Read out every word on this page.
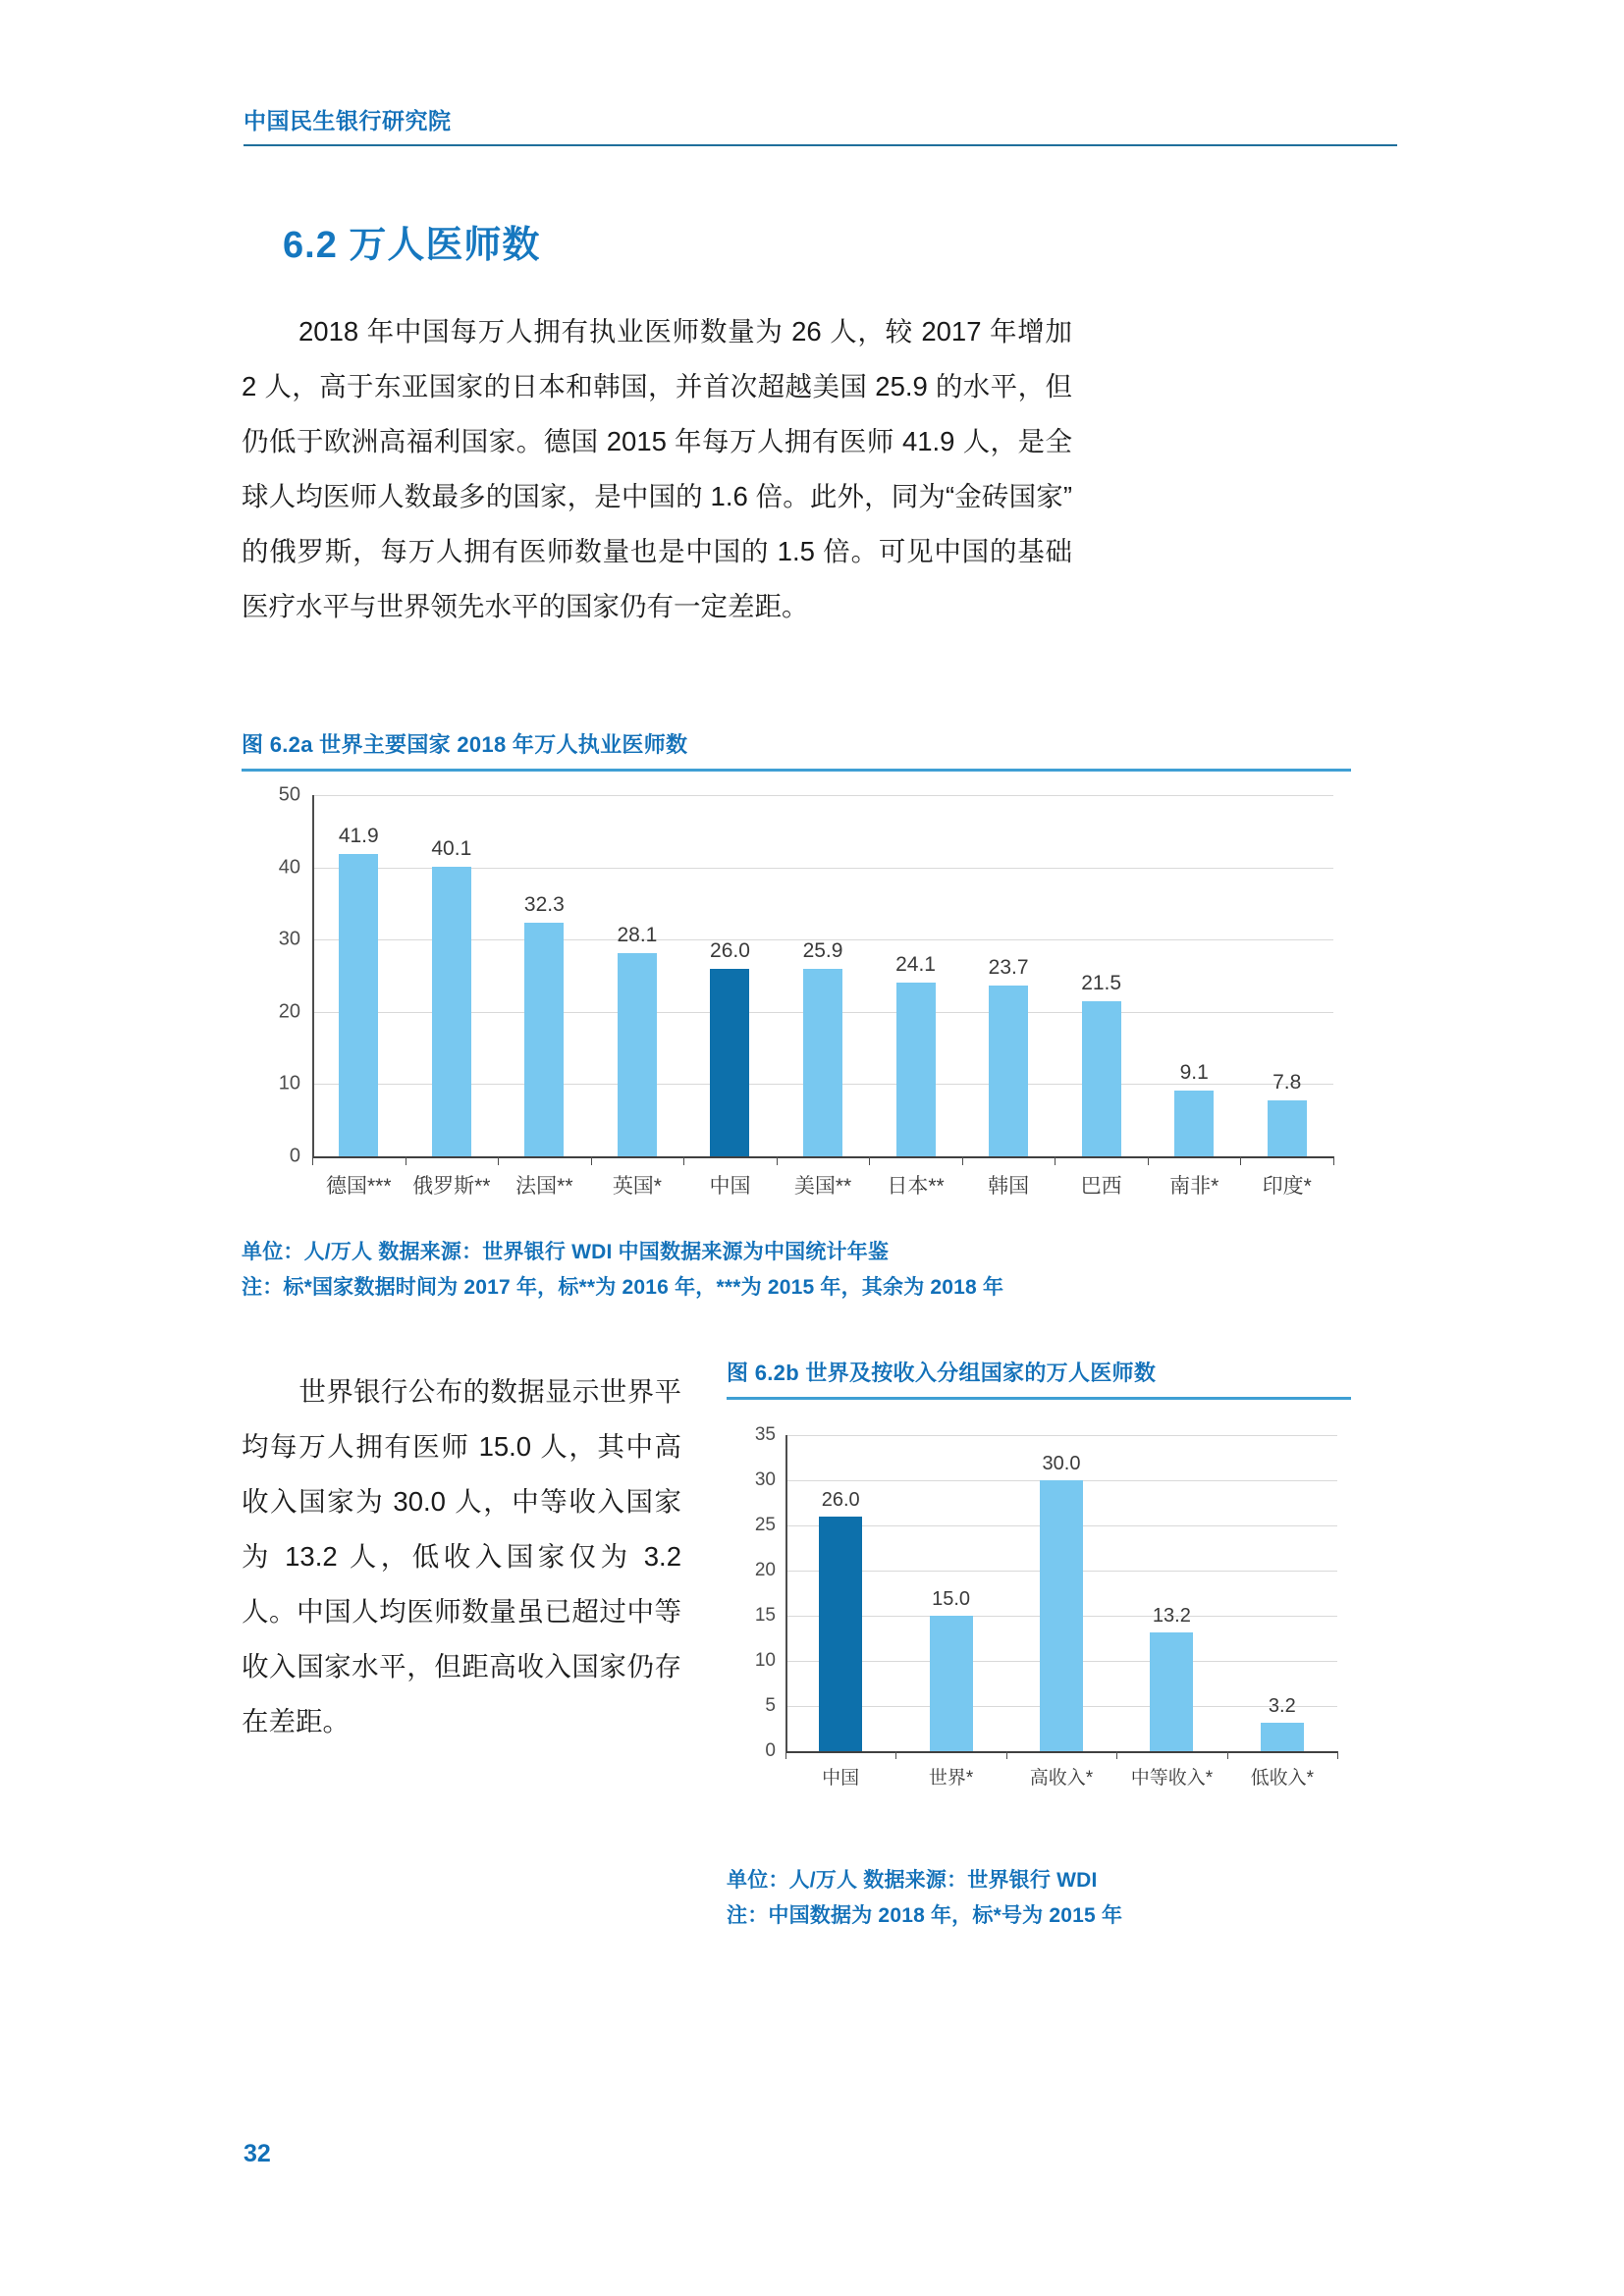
中国民生银行研究院
6.2 万人医师数
2018 年中国每万人拥有执业医师数量为 26 人，较 2017 年增加 2 人，高于东亚国家的日本和韩国，并首次超越美国 25.9 的水平，但仍低于欧洲高福利国家。德国 2015 年每万人拥有医师 41.9 人，是全球人均医师人数最多的国家，是中国的 1.6 倍。此外，同为“金砖国家”的俄罗斯，每万人拥有医师数量也是中国的 1.5 倍。可见中国的基础医疗水平与世界领先水平的国家仍有一定差距。
图 6.2a 世界主要国家 2018 年万人执业医师数
0
10
20
30
40
50
41.9
德国***
40.1
俄罗斯**
32.3
法国**
28.1
英国*
26.0
中国
25.9
美国**
24.1
日本**
23.7
韩国
21.5
巴西
9.1
南非*
7.8
印度*
单位：人/万人 数据来源：世界银行 WDI 中国数据来源为中国统计年鉴
注：标*国家数据时间为 2017 年，标**为 2016 年，***为 2015 年，其余为 2018 年
世界银行公布的数据显示世界平均每万人拥有医师 15.0 人，其中高收入国家为 30.0 人，中等收入国家为 13.2 人，低收入国家仅为 3.2 人。中国人均医师数量虽已超过中等收入国家水平，但距高收入国家仍存在差距。
图 6.2b 世界及按收入分组国家的万人医师数
0
5
10
15
20
25
30
35
26.0
中国
15.0
世界*
30.0
高收入*
13.2
中等收入*
3.2
低收入*
单位：人/万人 数据来源：世界银行 WDI
注：中国数据为 2018 年，标*号为 2015 年
32
